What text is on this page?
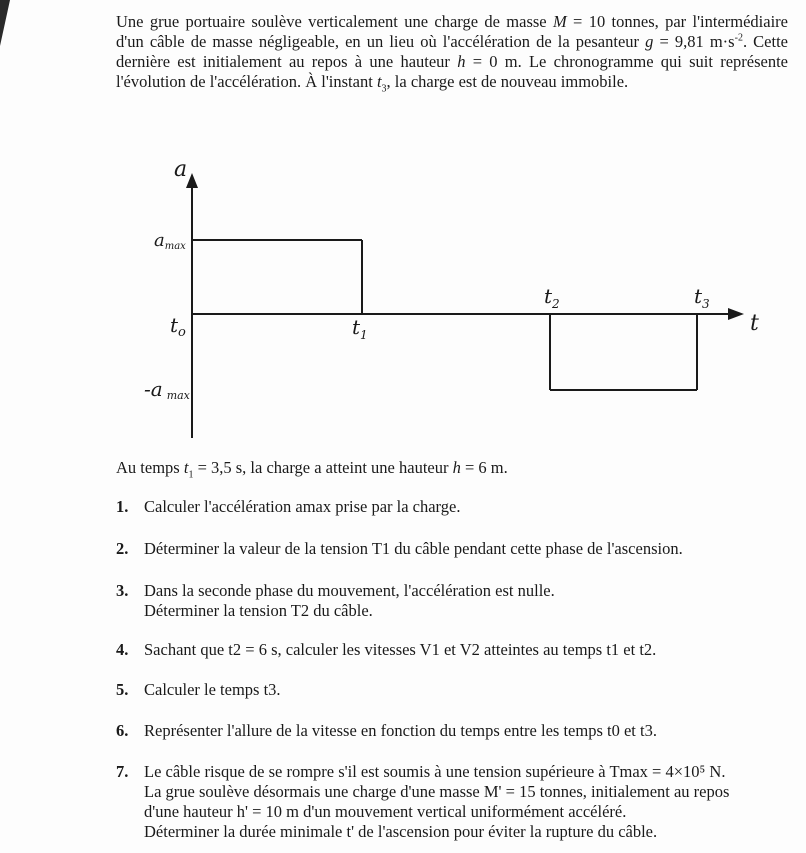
Une grue portuaire soulève verticalement une charge de masse M = 10 tonnes, par l'intermédiaire d'un câble de masse négligeable, en un lieu où l'accélération de la pesanteur g = 9,81 $m\cdot s^{-2}$. Cette dernière est initialement au repos à une hauteur h = 0 m. Le chronogramme qui suit représente l'évolution de l'accélération. À l'instant $t_3$, la charge est de nouveau immobile.

a
t
amax
-a max
$t_o$	$t_1$
$t_2$	$t_3$

Au temps $t_1 = 3,5$ s, la charge a atteint une hauteur h = 6 m.

1. Calculer l'accélération amax prise par la charge.
2. Déterminer la valeur de la tension T1 du câble pendant cette phase de l'ascension.
3. Dans la seconde phase du mouvement, l'accélération est nulle.
Déterminer la tension T2 du câble.
4. Sachant que t2 = 6 s, calculer les vitesses V1 et V2 atteintes au temps t1 et t2.
5. Calculer le temps t3.
6. Représenter l'allure de la vitesse en fonction du temps entre les temps t0 et t3.
7. Le câble risque de se rompre s'il est soumis à une tension supérieure à Tmax = 4×10⁵ N.
La grue soulève désormais une charge d'une masse M' = 15 tonnes, initialement au repos
d'une hauteur h' = 10 m d'un mouvement vertical uniformément accéléré.
Déterminer la durée minimale t' de l'ascension pour éviter la rupture du câble.
